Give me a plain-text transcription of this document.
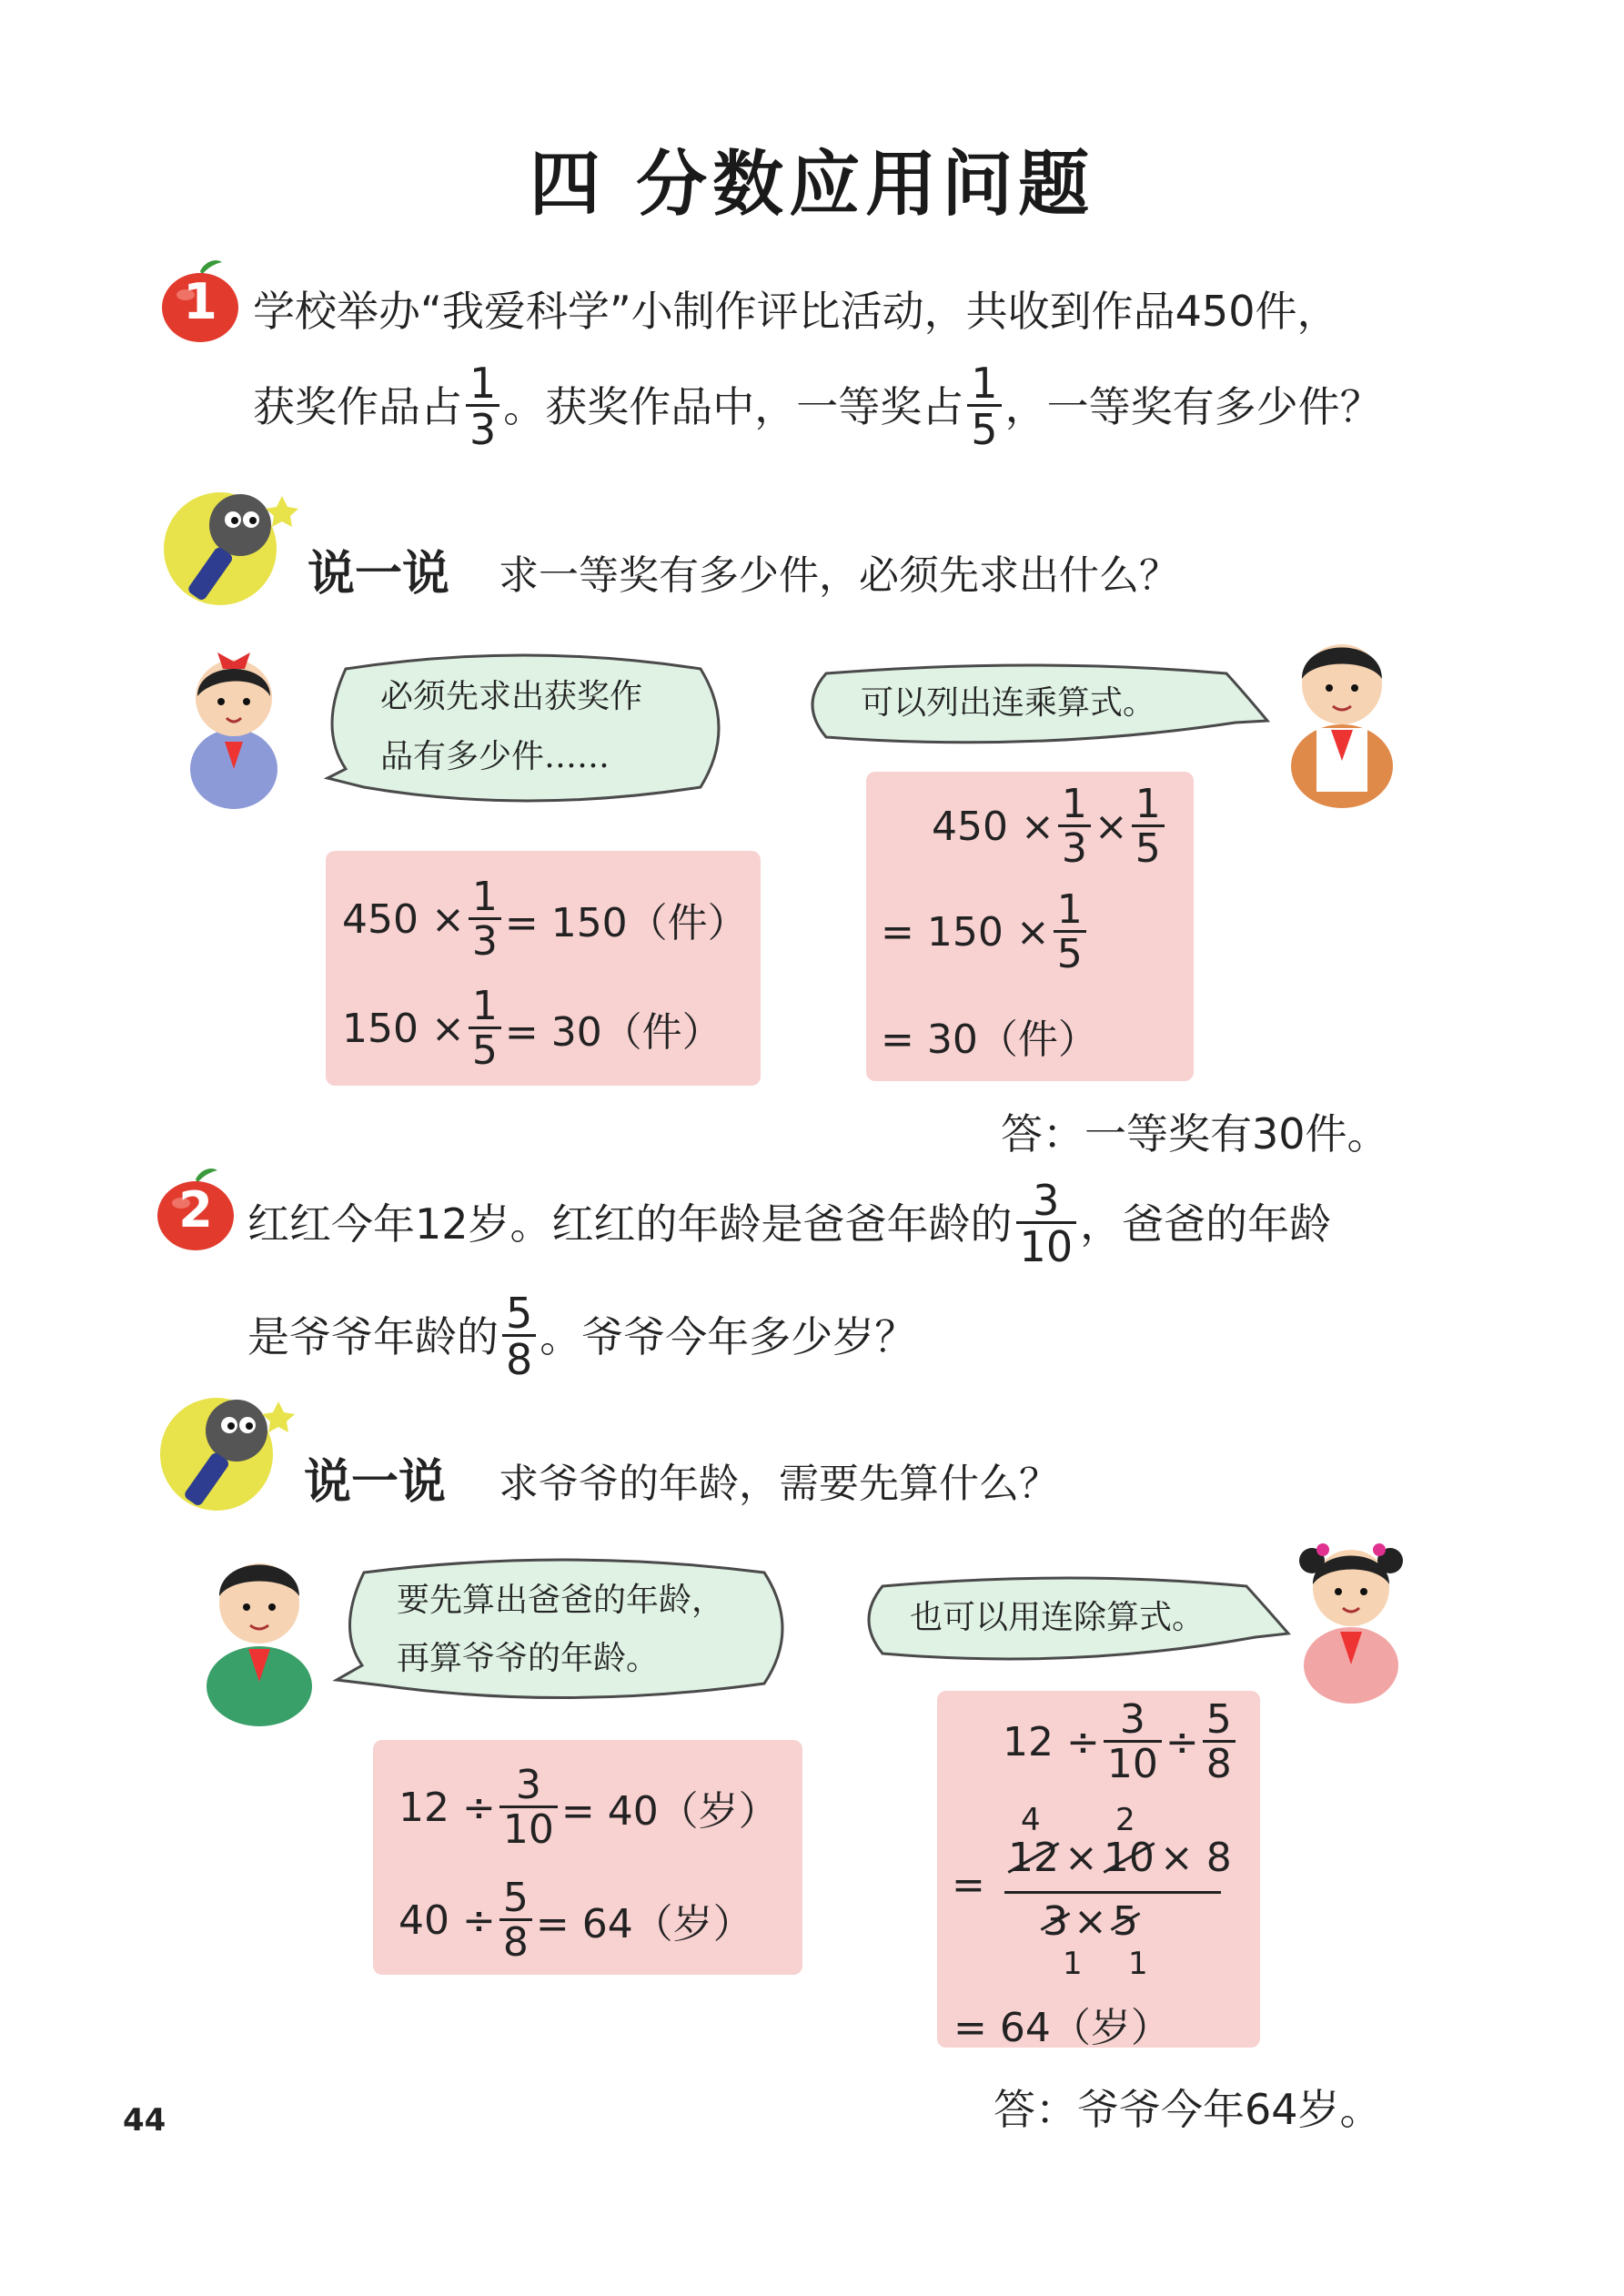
四 分数应用问题
1 学校举办“我爱科学”小制作评比活动，共收到作品450件，
获奖作品占 $\frac{1}{3}$ 。获奖作品中，一等奖占 $\frac{1}{5}$ ，一等奖有多少件？
说一说 求一等奖有多少件，必须先求出什么？
必须先求出获奖作
品有多少件……
可以列出连乘算式。
$450 \times \frac{1}{3} = 150$（件）
$150 \times \frac{1}{5} = 30$（件）
$450 \times \frac{1}{3} \times \frac{1}{5}$
= $150 \times \frac{1}{5}$
= 30（件）
答：一等奖有30件。
2 红红今年12岁。红红的年龄是爸爸年龄的 $\frac{3}{10}$ ，爸爸的年龄
是爷爷年龄的 $\frac{5}{8}$ 。爷爷今年多少岁？
说一说 求爷爷的年龄，需要先算什么？
要先算出爸爸的年龄，
再算爷爷的年龄。
也可以用连除算式。
$12 \div \frac{3}{10} = 40$（岁）
$40 \div \frac{5}{8} = 64$（岁）
$12 \div \frac{3}{10} \div \frac{5}{8}$
=
4 2
12 × 10 × 8
3 × 5
1 1
= 64（岁）
答：爷爷今年64岁。
44
